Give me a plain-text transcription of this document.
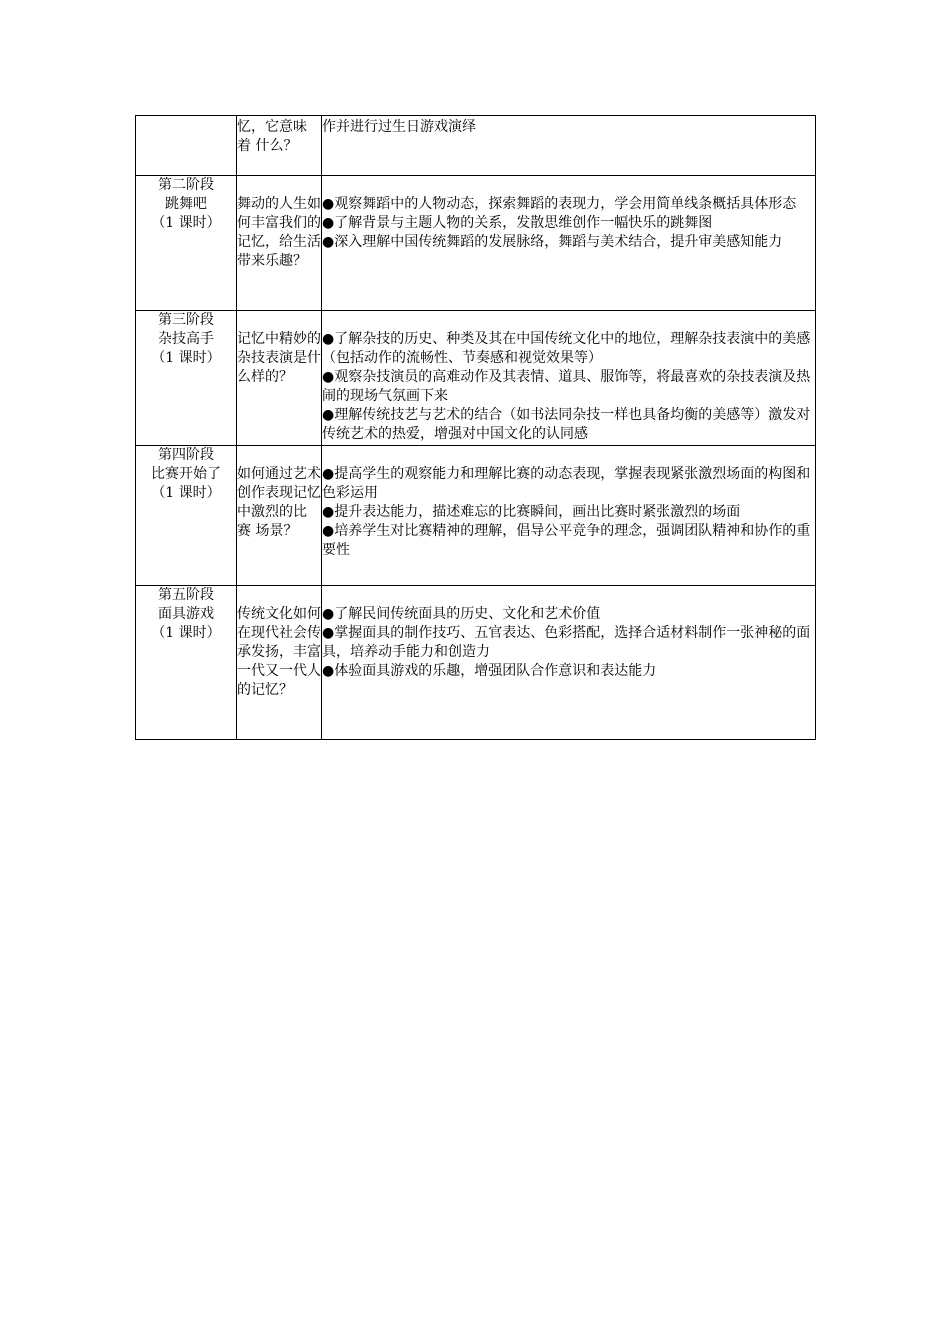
	忆，它意味 着 什么？	作并进行过生日游戏演绎

第二阶段
跳舞吧
（1 课时）	舞动的人生如何丰富我们的记忆，给生活带来乐趣？	●观察舞蹈中的人物动态，探索舞蹈的表现力，学会用简单线条概括具体形态
●了解背景与主题人物的关系，发散思维创作一幅快乐的跳舞图
●深入理解中国传统舞蹈的发展脉络，舞蹈与美术结合，提升审美感知能力

第三阶段
杂技高手
（1 课时）	记忆中精妙的杂技表演是什么样的？	●了解杂技的历史、种类及其在中国传统文化中的地位，理解杂技表演中的美感（包括动作的流畅性、节奏感和视觉效果等）
●观察杂技演员的高难动作及其表情、道具、服饰等，将最喜欢的杂技表演及热闹的现场气氛画下来
●理解传统技艺与艺术的结合（如书法同杂技一样也具备均衡的美感等）激发对传统艺术的热爱，增强对中国文化的认同感

第四阶段
比赛开始了
（1 课时）	如何通过艺术创作表现记忆中激烈的比 赛 场景？	●提高学生的观察能力和理解比赛的动态表现，掌握表现紧张激烈场面的构图和色彩运用
●提升表达能力，描述难忘的比赛瞬间，画出比赛时紧张激烈的场面
●培养学生对比赛精神的理解，倡导公平竞争的理念，强调团队精神和协作的重要性

第五阶段
面具游戏
（1 课时）	传统文化如何在现代社会传承发扬，丰富一代又一代人的记忆？	●了解民间传统面具的历史、文化和艺术价值
●掌握面具的制作技巧、五官表达、色彩搭配，选择合适材料制作一张神秘的面具，培养动手能力和创造力
●体验面具游戏的乐趣，增强团队合作意识和表达能力
